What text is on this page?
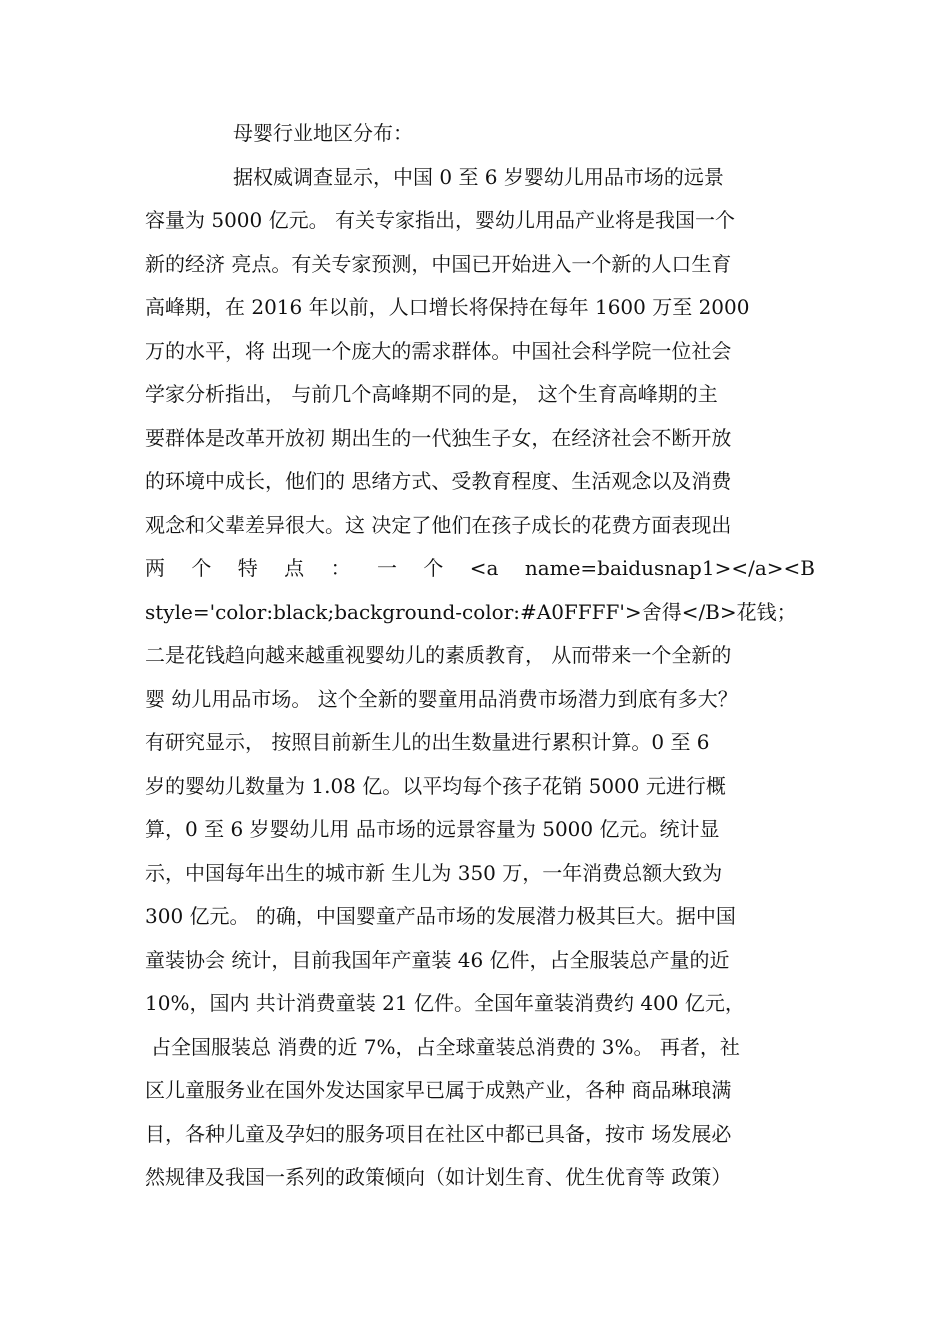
母婴行业地区分布：
据权威调查显示，中国 0 至 6 岁婴幼儿用品市场的远景
容量为 5000 亿元。 有关专家指出，婴幼儿用品产业将是我国一个
新的经济 亮点。有关专家预测，中国已开始进入一个新的人口生育
高峰期，在 2016 年以前，人口增长将保持在每年 1600 万至 2000
万的水平，将 出现一个庞大的需求群体。中国社会科学院一位社会
学家分析指出， 与前几个高峰期不同的是， 这个生育高峰期的主
要群体是改革开放初 期出生的一代独生子女，在经济社会不断开放
的环境中成长，他们的 思绪方式、受教育程度、生活观念以及消费
观念和父辈差异很大。这 决定了他们在孩子成长的花费方面表现出
两 个 特 点 ： 一 个 <a name=baidusnap1></a><B
style='color:black;background-color:#A0FFFF'>舍得</B>花钱；
二是花钱趋向越来越重视婴幼儿的素质教育， 从而带来一个全新的
婴 幼儿用品市场。 这个全新的婴童用品消费市场潜力到底有多大？
有研究显示， 按照目前新生儿的出生数量进行累积计算。0 至 6
岁的婴幼儿数量为 1.08 亿。以平均每个孩子花销 5000 元进行概
算，0 至 6 岁婴幼儿用 品市场的远景容量为 5000 亿元。统计显
示，中国每年出生的城市新 生儿为 350 万，一年消费总额大致为
300 亿元。 的确，中国婴童产品市场的发展潜力极其巨大。据中国
童装协会 统计，目前我国年产童装 46 亿件，占全服装总产量的近
10%，国内 共计消费童装 21 亿件。全国年童装消费约 400 亿元，
占全国服装总 消费的近 7%，占全球童装总消费的 3%。 再者，社
区儿童服务业在国外发达国家早已属于成熟产业，各种 商品琳琅满
目，各种儿童及孕妇的服务项目在社区中都已具备，按市 场发展必
然规律及我国一系列的政策倾向（如计划生育、优生优育等 政策）
